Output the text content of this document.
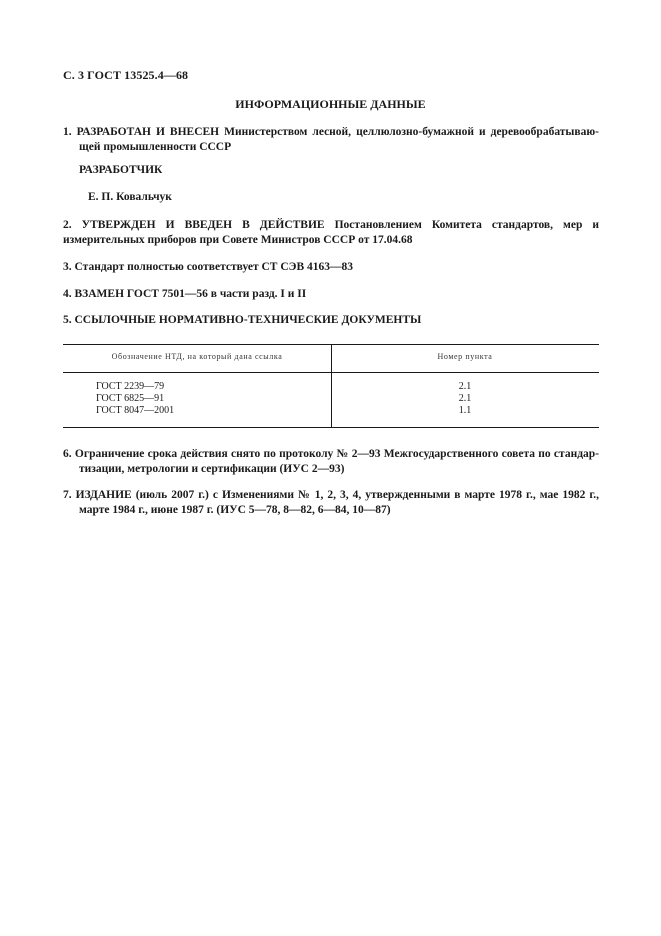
С. 3 ГОСТ 13525.4—68
ИНФОРМАЦИОННЫЕ ДАННЫЕ
1. РАЗРАБОТАН И ВНЕСЕН Министерством лесной, целлюлозно-бумажной и деревообрабатываю-
щей промышленности СССР
РАЗРАБОТЧИК
Е. П. Ковальчук
2. УТВЕРЖДЕН И ВВЕДЕН В ДЕЙСТВИЕ Постановлением Комитета стандартов, мер и
измерительных приборов при Совете Министров СССР от 17.04.68
3. Стандарт полностью соответствует СТ СЭВ 4163—83
4. ВЗАМЕН ГОСТ 7501—56 в части разд. I и II
5. ССЫЛОЧНЫЕ НОРМАТИВНО-ТЕХНИЧЕСКИЕ ДОКУМЕНТЫ
Обозначение НТД, на который дана ссылка	Номер пункта
ГОСТ 2239—79	2.1
ГОСТ 6825—91	2.1
ГОСТ 8047—2001	1.1
6. Ограничение срока действия снято по протоколу № 2—93 Межгосударственного совета по стандар-
тизации, метрологии и сертификации (ИУС 2—93)
7. ИЗДАНИЕ (июль 2007 г.) с Изменениями № 1, 2, 3, 4, утвержденными в марте 1978 г., мае 1982 г.,
марте 1984 г., июне 1987 г. (ИУС 5—78, 8—82, 6—84, 10—87)
